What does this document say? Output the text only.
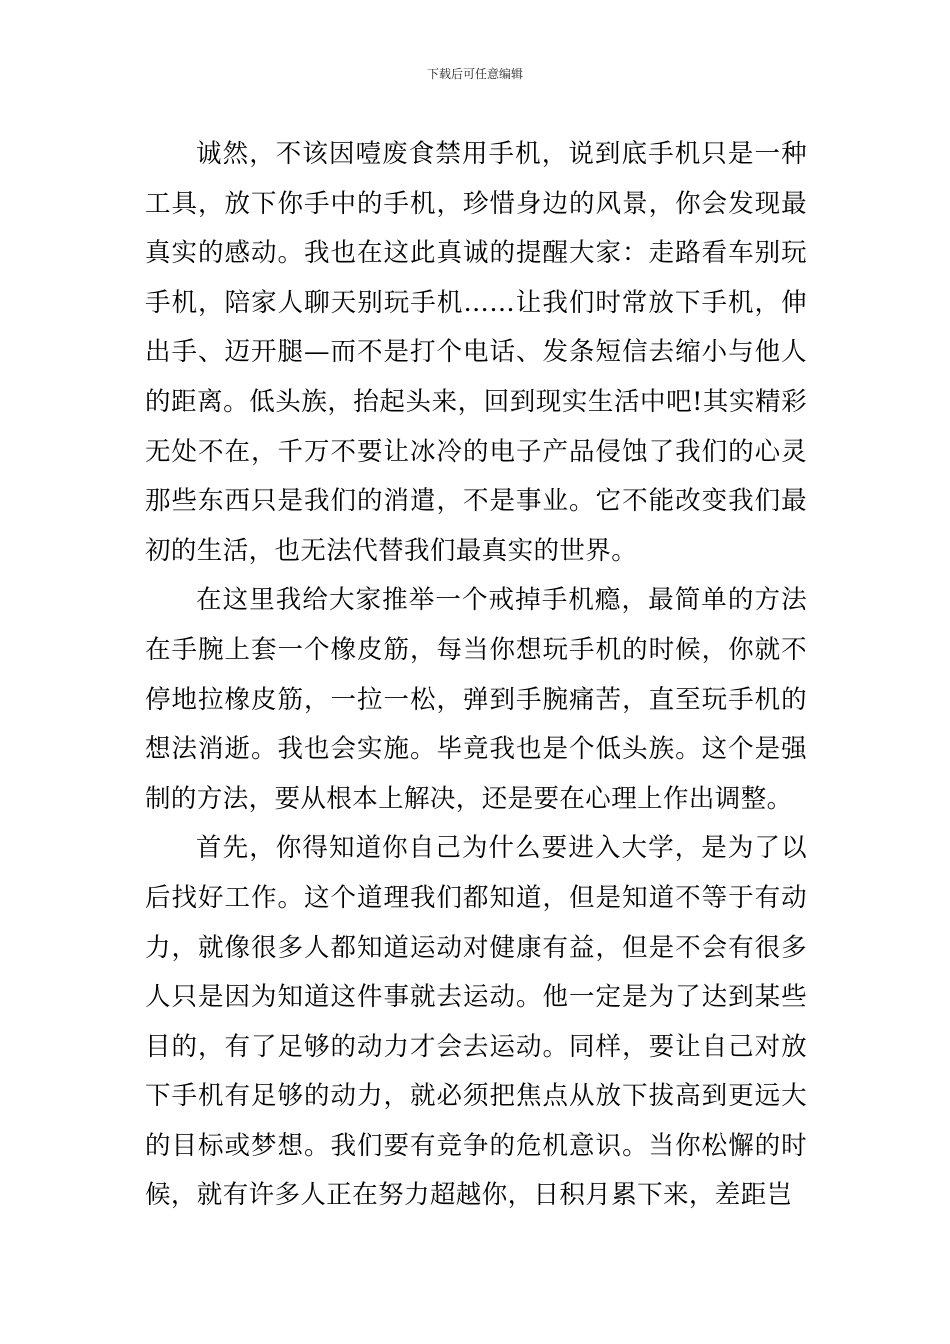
下载后可任意编辑

诚然，不该因噎废食禁用手机，说到底手机只是一种工具，放下你手中的手机，珍惜身边的风景，你会发现最真实的感动。我也在这此真诚的提醒大家：走路看车别玩手机，陪家人聊天别玩手机……让我们时常放下手机，伸出手、迈开腿—而不是打个电话、发条短信去缩小与他人的距离。低头族，抬起头来，回到现实生活中吧!其实精彩无处不在，千万不要让冰冷的电子产品侵蚀了我们的心灵那些东西只是我们的消遣，不是事业。它不能改变我们最初的生活，也无法代替我们最真实的世界。

在这里我给大家推举一个戒掉手机瘾，最简单的方法在手腕上套一个橡皮筋，每当你想玩手机的时候，你就不停地拉橡皮筋，一拉一松，弹到手腕痛苦，直至玩手机的想法消逝。我也会实施。毕竟我也是个低头族。这个是强制的方法，要从根本上解决，还是要在心理上作出调整。

首先，你得知道你自己为什么要进入大学，是为了以后找好工作。这个道理我们都知道，但是知道不等于有动力，就像很多人都知道运动对健康有益，但是不会有很多人只是因为知道这件事就去运动。他一定是为了达到某些目的，有了足够的动力才会去运动。同样，要让自己对放下手机有足够的动力，就必须把焦点从放下拔高到更远大的目标或梦想。我们要有竞争的危机意识。当你松懈的时候，就有许多人正在努力超越你，日积月累下来，差距岂
